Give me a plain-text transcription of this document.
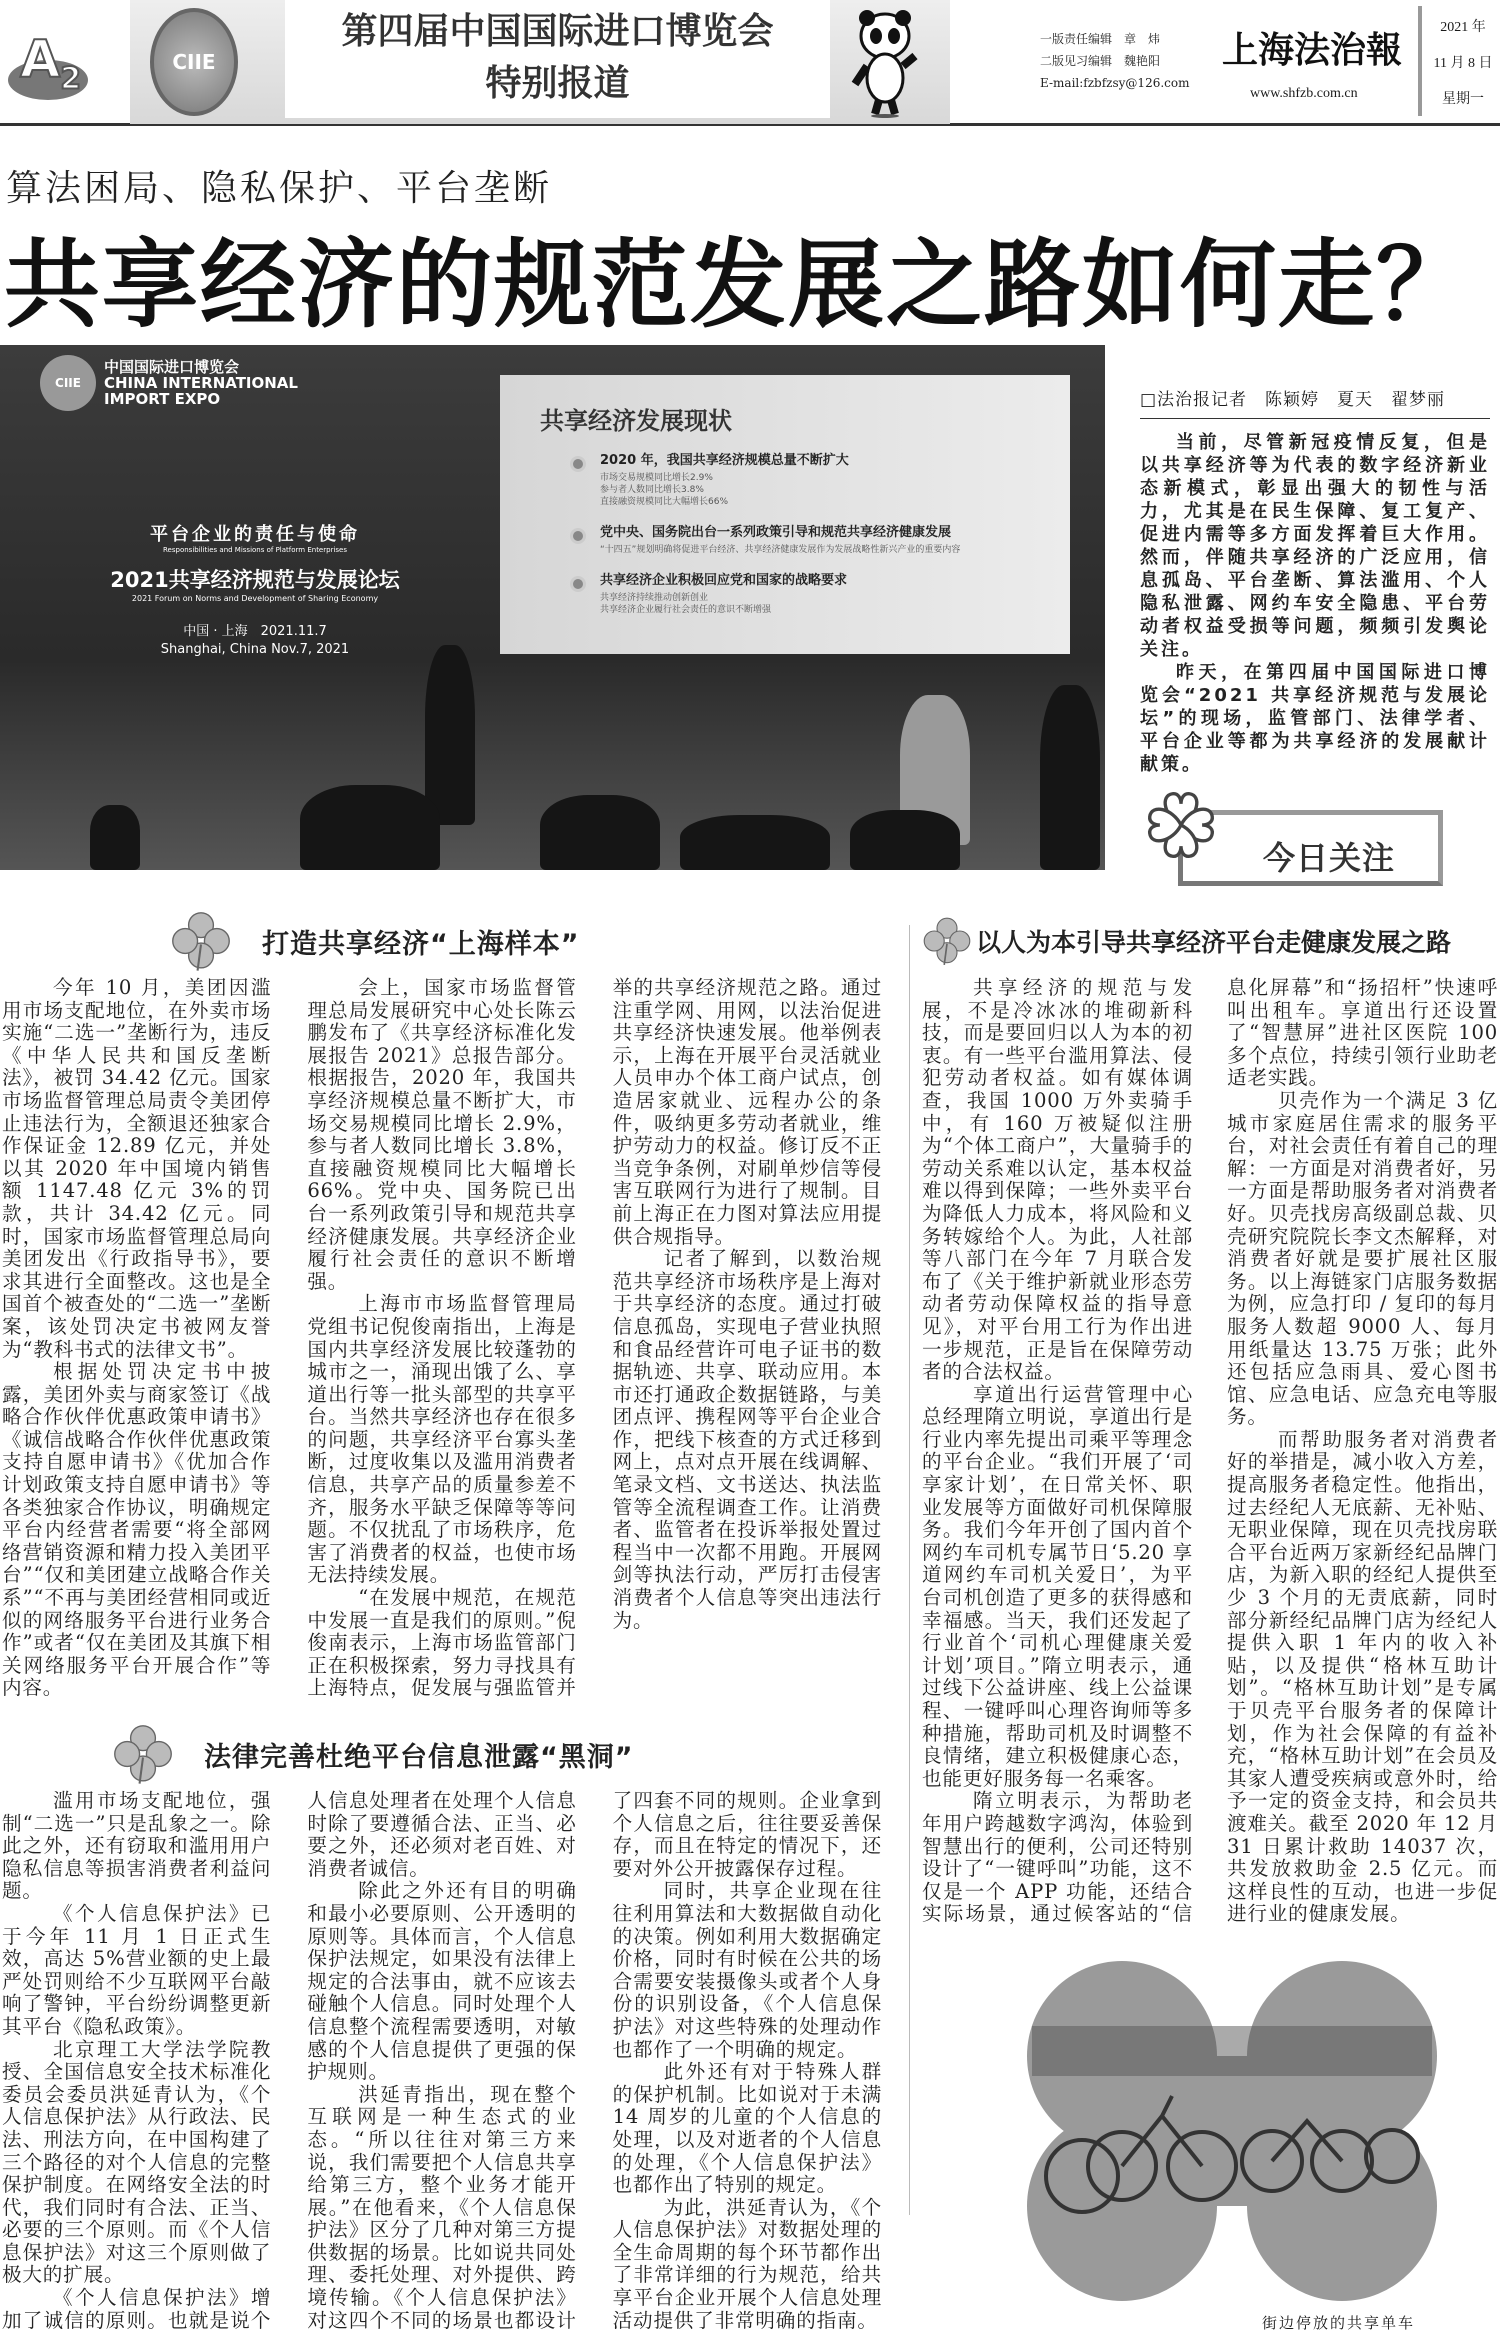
$A_2$	CIIE
第四届中国国际进口博览会
特别报道
一版责任编辑　章　炜
二版见习编辑　魏艳阳
E-mail:fzbfzsy@126.com
上海法治報
www.shfzb.com.cn
2021 年
11 月 8 日
星期一
算法困局、隐私保护、平台垄断
共享经济的规范发展之路如何走？
CIIE中国国际进口博览会
CHINA INTERNATIONAL
IMPORT EXPO
平台企业的责任与使命
Responsibilities and Missions of Platform Enterprises
2021共享经济规范与发展论坛
2021 Forum on Norms and Development of Sharing Economy
中国 · 上海　2021.11.7
Shanghai, China Nov.7, 2021
共享经济发展现状
2020 年，我国共享经济规模总量不断扩大
市场交易规模同比增长2.9%
参与者人数同比增长3.8%
直接融资规模同比大幅增长66%
党中央、国务院出台一系列政策引导和规范共享经济健康发展
“十四五”规划明确将促进平台经济、共享经济健康发展作为发展战略性新兴产业的重要内容
共享经济企业积极回应党和国家的战略要求
共享经济持续推动创新创业
共享经济企业履行社会责任的意识不断增强
□法治报记者　陈颖婷　夏天　翟梦丽

当前，尽管新冠疫情反复，但是以共享经济等为代表的数字经济新业态新模式，彰显出强大的韧性与活力，尤其是在民生保障、复工复产、促进内需等多方面发挥着巨大作用。然而，伴随共享经济的广泛应用，信息孤岛、平台垄断、算法滥用、个人隐私泄露、网约车安全隐患、平台劳动者权益受损等问题，频频引发舆论关注。

昨天，在第四届中国国际进口博览会“2021 共享经济规范与发展论坛”的现场，监管部门、法律学者、平台企业等都为共享经济的发展献计献策。

今日关注
打造共享经济“上海样本”

今年 10 月，美团因滥用市场支配地位，在外卖市场实施“二选一”垄断行为，违反《中华人民共和国反垄断法》，被罚 34.42 亿元。国家市场监督管理总局责令美团停止违法行为，全额退还独家合作保证金 12.89 亿元，并处以其 2020 年中国境内销售额 1147.48 亿元 3%的罚款，共计 34.42 亿元。同时，国家市场监督管理总局向美团发出《行政指导书》，要求其进行全面整改。这也是全国首个被查处的“二选一”垄断案，该处罚决定书被网友誉为“教科书式的法律文书”。

根据处罚决定书中披露，美团外卖与商家签订《战略合作伙伴优惠政策申请书》《诚信战略合作伙伴优惠政策支持自愿申请书》《优加合作计划政策支持自愿申请书》等各类独家合作协议，明确规定平台内经营者需要“将全部网络营销资源和精力投入美团平台”“仅和美团建立战略合作关系”“不再与美团经营相同或近似的网络服务平台进行业务合作”或者“仅在美团及其旗下相关网络服务平台开展合作”等内容。

会上，国家市场监督管理总局发展研究中心处长陈云鹏发布了《共享经济标准化发展报告 2021》总报告部分。根据报告，2020 年，我国共享经济规模总量不断扩大，市场交易规模同比增长 2.9%，参与者人数同比增长 3.8%，直接融资规模同比大幅增长 66%。党中央、国务院已出台一系列政策引导和规范共享经济健康发展。共享经济企业履行社会责任的意识不断增强。

上海市市场监督管理局党组书记倪俊南指出，上海是国内共享经济发展比较蓬勃的城市之一，涌现出饿了么、享道出行等一批头部型的共享平台。当然共享经济也存在很多的问题，共享经济平台寡头垄断，过度收集以及滥用消费者信息，共享产品的质量参差不齐，服务水平缺乏保障等等问题。不仅扰乱了市场秩序，危害了消费者的权益，也使市场无法持续发展。

“在发展中规范，在规范中发展一直是我们的原则。”倪俊南表示，上海市场监管部门正在积极探索，努力寻找具有上海特点，促发展与强监管并举的共享经济规范之路。通过注重学网、用网，以法治促进共享经济快速发展。他举例表示，上海在开展平台灵活就业人员申办个体工商户试点，创造居家就业、远程办公的条件，吸纳更多劳动者就业，维护劳动力的权益。修订反不正当竞争条例，对刷单炒信等侵害互联网行为进行了规制。目前上海正在力图对算法应用提供合规指导。

记者了解到，以数治规范共享经济市场秩序是上海对于共享经济的态度。通过打破信息孤岛，实现电子营业执照和食品经营许可电子证书的数据轨迹、共享、联动应用。本市还打通政企数据链路，与美团点评、携程网等平台企业合作，把线下核查的方式迁移到网上，点对点开展在线调解、笔录文档、文书送达、执法监管等全流程调查工作。让消费者、监管者在投诉举报处置过程当中一次都不用跑。开展网剑等执法行动，严厉打击侵害消费者个人信息等突出违法行为。

法律完善杜绝平台信息泄露“黑洞”

滥用市场支配地位，强制“二选一”只是乱象之一。除此之外，还有窃取和滥用用户隐私信息等损害消费者利益问题。

《个人信息保护法》已于今年 11 月 1 日正式生效，高达 5%营业额的史上最严处罚则给不少互联网平台敲响了警钟，平台纷纷调整更新其平台《隐私政策》。

北京理工大学法学院教授、全国信息安全技术标准化委员会委员洪延青认为，《个人信息保护法》从行政法、民法、刑法方向，在中国构建了三个路径的对个人信息的完整保护制度。在网络安全法的时代，我们同时有合法、正当、必要的三个原则。而《个人信息保护法》对这三个原则做了极大的扩展。

《个人信息保护法》增加了诚信的原则。也就是说个人信息处理者在处理个人信息时除了要遵循合法、正当、必要之外，还必须对老百姓、对消费者诚信。

除此之外还有目的明确和最小必要原则、公开透明的原则等。具体而言，个人信息保护法规定，如果没有法律上规定的合法事由，就不应该去碰触个人信息。同时处理个人信息整个流程需要透明，对敏感的个人信息提供了更强的保护规则。

洪延青指出，现在整个互联网是一种生态式的业态。“所以往往对第三方来说，我们需要把个人信息共享给第三方，整个业务才能开展。”在他看来，《个人信息保护法》区分了几种对第三方提供数据的场景。比如说共同处理、委托处理、对外提供、跨境传输。《个人信息保护法》对这四个不同的场景也都设计了四套不同的规则。企业拿到个人信息之后，往往要妥善保存，而且在特定的情况下，还要对外公开披露保存过程。

同时，共享企业现在往往利用算法和大数据做自动化的决策。例如利用大数据确定价格，同时有时候在公共的场合需要安装摄像头或者个人身份的识别设备，《个人信息保护法》对这些特殊的处理动作也都作了一个明确的规定。

此外还有对于特殊人群的保护机制。比如说对于未满 14 周岁的儿童的个人信息的处理，以及对逝者的个人信息的处理，《个人信息保护法》也都作出了特别的规定。

为此，洪延青认为，《个人信息保护法》对数据处理的全生命周期的每个环节都作出了非常详细的行为规范，给共享平台企业开展个人信息处理活动提供了非常明确的指南。

以人为本引导共享经济平台走健康发展之路

共享经济的规范与发展，不是冷冰冰的堆砌新科技，而是要回归以人为本的初衷。有一些平台滥用算法、侵犯劳动者权益。如有媒体调查，我国 1000 万外卖骑手中，有 160 万被疑似注册为“个体工商户”，大量骑手的劳动关系难以认定，基本权益难以得到保障；一些外卖平台为降低人力成本，将风险和义务转嫁给个人。为此，人社部等八部门在今年 7 月联合发布了《关于维护新就业形态劳动者劳动保障权益的指导意见》，对平台用工行为作出进一步规范，正是旨在保障劳动者的合法权益。

享道出行运营管理中心总经理隋立明说，享道出行是行业内率先提出司乘平等理念的平台企业。“我们开展了‘司享家计划’，在日常关怀、职业发展等方面做好司机保障服务。我们今年开创了国内首个网约车司机专属节日‘5.20 享道网约车司机关爱日’，为平台司机创造了更多的获得感和幸福感。当天，我们还发起了行业首个‘司机心理健康关爱计划’项目。”隋立明表示，通过线下公益讲座、线上公益课程、一键呼叫心理咨询师等多种措施，帮助司机及时调整不良情绪，建立积极健康心态，也能更好服务每一名乘客。

隋立明表示，为帮助老年用户跨越数字鸿沟，体验到智慧出行的便利，公司还特别设计了“一键呼叫”功能，这不仅是一个 APP 功能，还结合实际场景，通过候客站的“信息化屏幕”和“扬招杆”快速呼叫出租车。享道出行还设置了“智慧屏”进社区医院 100 多个点位，持续引领行业助老适老实践。

贝壳作为一个满足 3 亿城市家庭居住需求的服务平台，对社会责任有着自己的理解：一方面是对消费者好，另一方面是帮助服务者对消费者好。贝壳找房高级副总裁、贝壳研究院院长李文杰解释，对消费者好就是要扩展社区服务。以上海链家门店服务数据为例，应急打印 / 复印的每月服务人数超 9000 人、每月用纸量达 13.75 万张；此外还包括应急雨具、爱心图书馆、应急电话、应急充电等服务。

而帮助服务者对消费者好的举措是，减小收入方差，提高服务者稳定性。他指出，过去经纪人无底薪、无补贴、无职业保障，现在贝壳找房联合平台近两万家新经纪品牌门店，为新入职的经纪人提供至少 3 个月的无责底薪，同时部分新经纪品牌门店为经纪人提供入职 1 年内的收入补贴，以及提供“格林互助计划”。“格林互助计划”是专属于贝壳平台服务者的保障计划，作为社会保障的有益补充，“格林互助计划”在会员及其家人遭受疾病或意外时，给予一定的资金支持，和会员共渡难关。截至 2020 年 12 月 31 日累计救助 14037 次，共发放救助金 2.5 亿元。而这样良性的互动，也进一步促进行业的健康发展。

街边停放的共享单车
